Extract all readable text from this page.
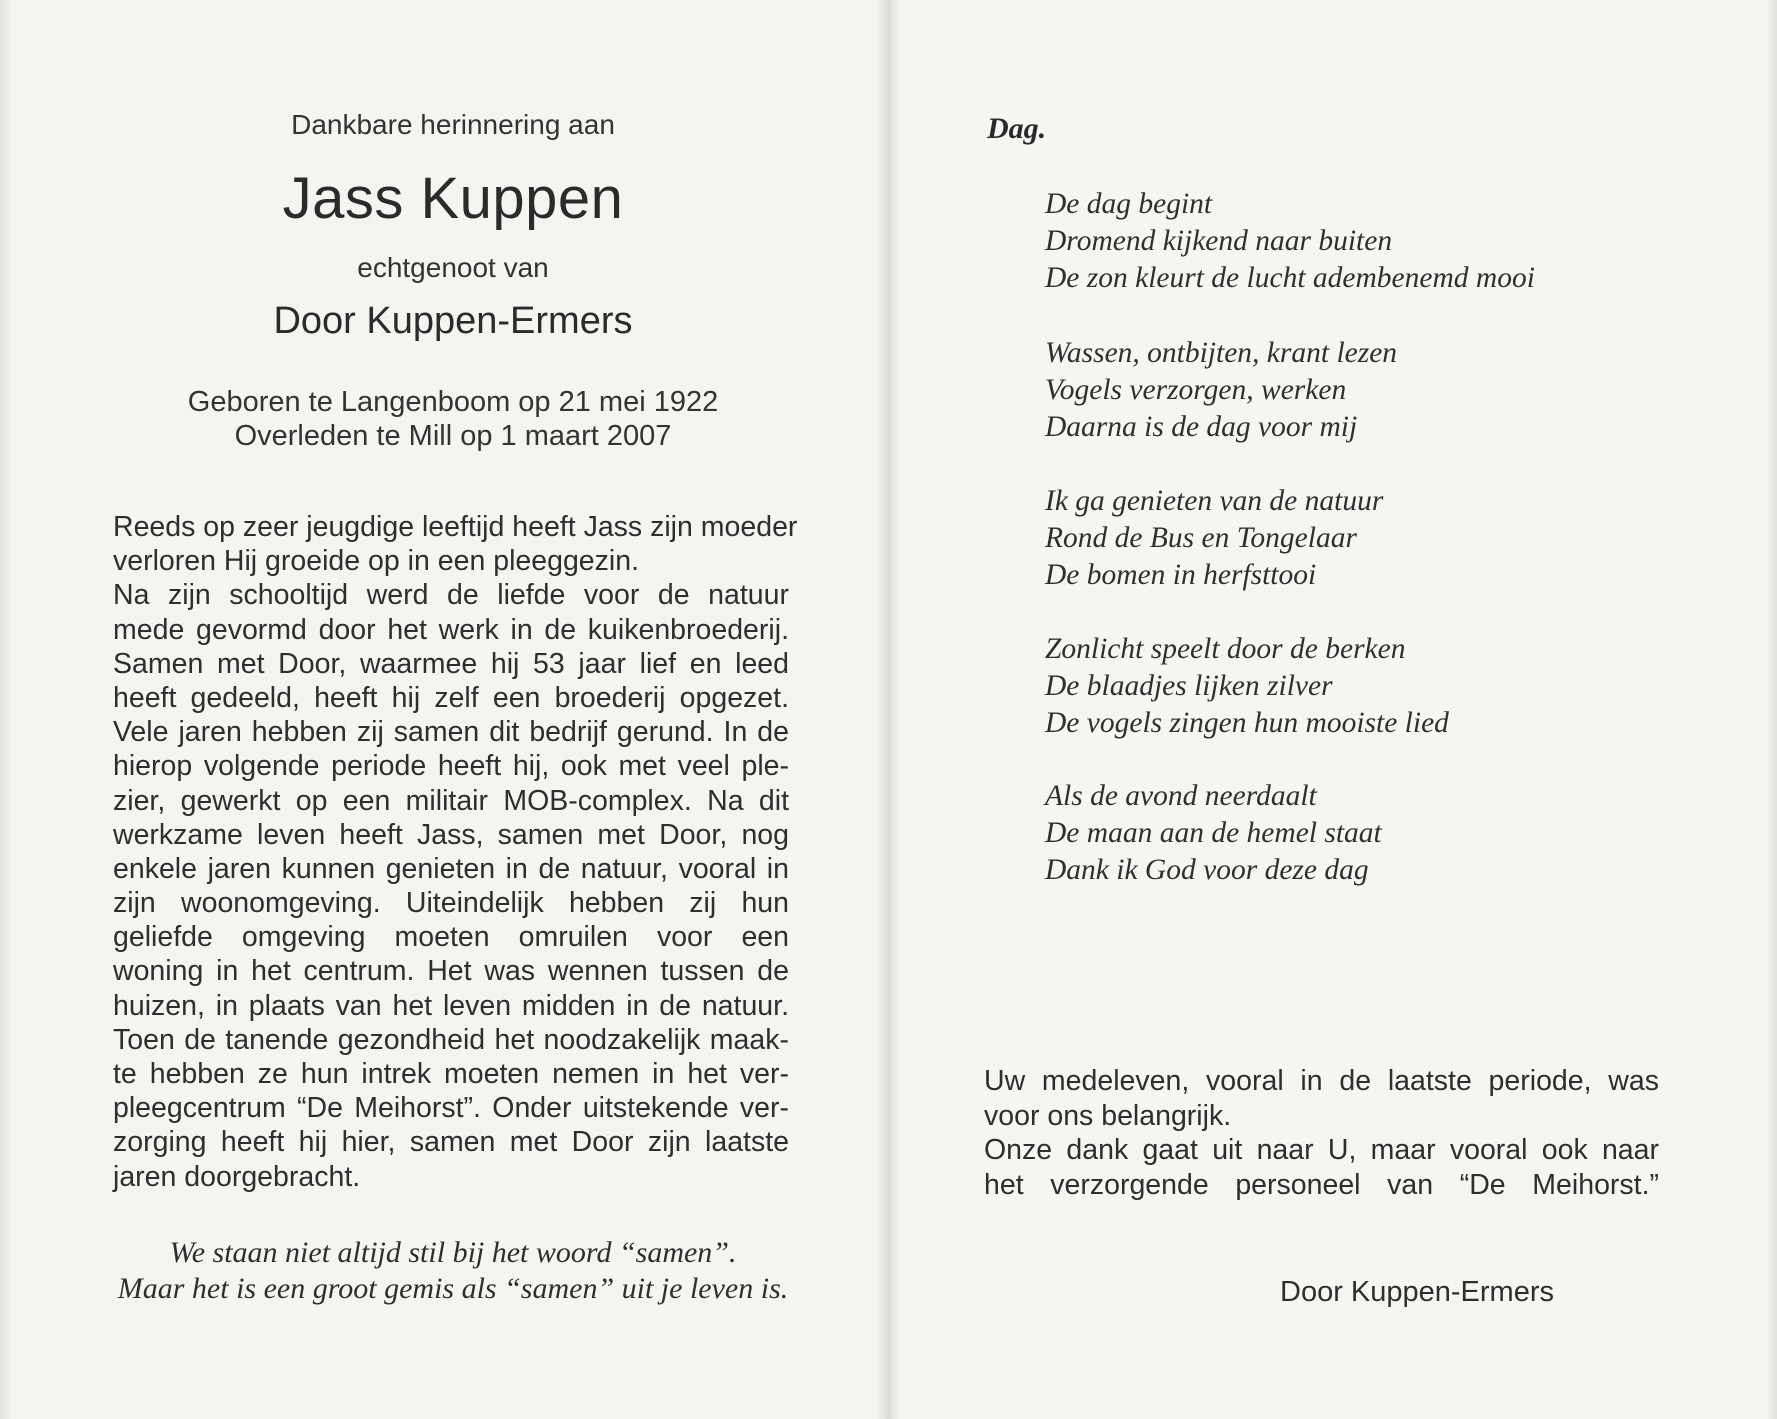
Dankbare herinnering aan
Jass Kuppen
echtgenoot van
Door Kuppen-Ermers
Geboren te Langenboom op 21 mei 1922
Overleden te Mill op 1 maart 2007
Reeds op zeer jeugdige leeftijd heeft Jass zijn moeder
verloren Hij groeide op in een pleeggezin.
Na zijn schooltijd werd de liefde voor de natuur
mede gevormd door het werk in de kuikenbroederij.
Samen met Door, waarmee hij 53 jaar lief en leed
heeft gedeeld, heeft hij zelf een broederij opgezet.
Vele jaren hebben zij samen dit bedrijf gerund. In de
hierop volgende periode heeft hij, ook met veel ple-
zier, gewerkt op een militair MOB-complex. Na dit
werkzame leven heeft Jass, samen met Door, nog
enkele jaren kunnen genieten in de natuur, vooral in
zijn woonomgeving. Uiteindelijk hebben zij hun
geliefde omgeving moeten omruilen voor een
woning in het centrum. Het was wennen tussen de
huizen, in plaats van het leven midden in de natuur.
Toen de tanende gezondheid het noodzakelijk maak-
te hebben ze hun intrek moeten nemen in het ver-
pleegcentrum “De Meihorst”. Onder uitstekende ver-
zorging heeft hij hier, samen met Door zijn laatste
jaren doorgebracht.
We staan niet altijd stil bij het woord “samen”.
Maar het is een groot gemis als “samen” uit je leven is.
Dag.
De dag begint
Dromend kijkend naar buiten
De zon kleurt de lucht adembenemd mooi
Wassen, ontbijten, krant lezen
Vogels verzorgen, werken
Daarna is de dag voor mij
Ik ga genieten van de natuur
Rond de Bus en Tongelaar
De bomen in herfsttooi
Zonlicht speelt door de berken
De blaadjes lijken zilver
De vogels zingen hun mooiste lied
Als de avond neerdaalt
De maan aan de hemel staat
Dank ik God voor deze dag
Uw medeleven, vooral in de laatste periode, was
voor ons belangrijk.
Onze dank gaat uit naar U, maar vooral ook naar
het verzorgende personeel van “De Meihorst.”
Door Kuppen-Ermers
